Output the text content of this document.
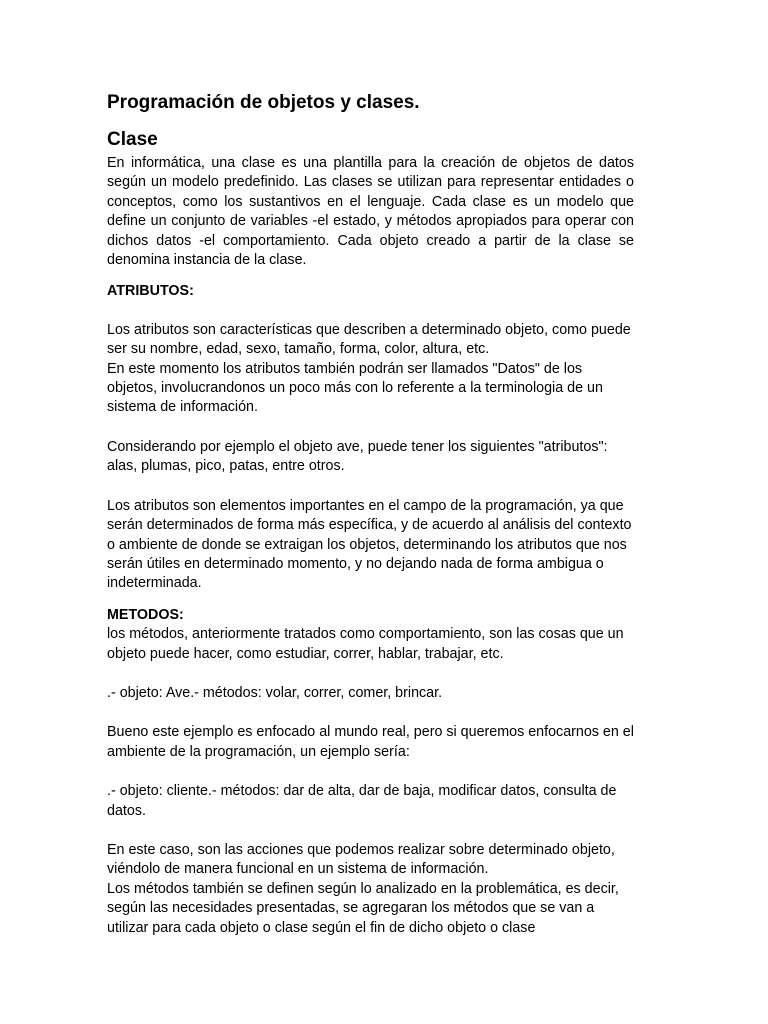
Programación de objetos y clases.
Clase

En informática, una clase es una plantilla para la creación de objetos de datos según un modelo predefinido. Las clases se utilizan para representar entidades o conceptos, como los sustantivos en el lenguaje. Cada clase es un modelo que define un conjunto de variables -el estado, y métodos apropiados para operar con dichos datos -el comportamiento. Cada objeto creado a partir de la clase se denomina instancia de la clase.

ATRIBUTOS:

Los atributos son características que describen a determinado objeto, como puede ser su nombre, edad, sexo, tamaño, forma, color, altura, etc.

En este momento los atributos también podrán ser llamados "Datos" de los objetos, involucrandonos un poco más con lo referente a la terminologia de un sistema de información.

Considerando por ejemplo el objeto ave, puede tener los siguientes "atributos": alas, plumas, pico, patas, entre otros.

Los atributos son elementos importantes en el campo de la programación, ya que serán determinados de forma más específica, y de acuerdo al análisis del contexto o ambiente de donde se extraigan los objetos, determinando los atributos que nos serán útiles en determinado momento, y no dejando nada de forma ambigua o indeterminada.

METODOS:

los métodos, anteriormente tratados como comportamiento, son las cosas que un objeto puede hacer, como estudiar, correr, hablar, trabajar, etc.

.- objeto: Ave.- métodos: volar, correr, comer, brincar.

Bueno este ejemplo es enfocado al mundo real, pero si queremos enfocarnos en el ambiente de la programación, un ejemplo sería:

.- objeto: cliente.- métodos: dar de alta, dar de baja, modificar datos, consulta de datos.

En este caso, son las acciones que podemos realizar sobre determinado objeto, viéndolo de manera funcional en un sistema de información.

Los métodos también se definen según lo analizado en la problemática, es decir, según las necesidades presentadas, se agregaran los métodos que se van a utilizar para cada objeto o clase según el fin de dicho objeto o clase
